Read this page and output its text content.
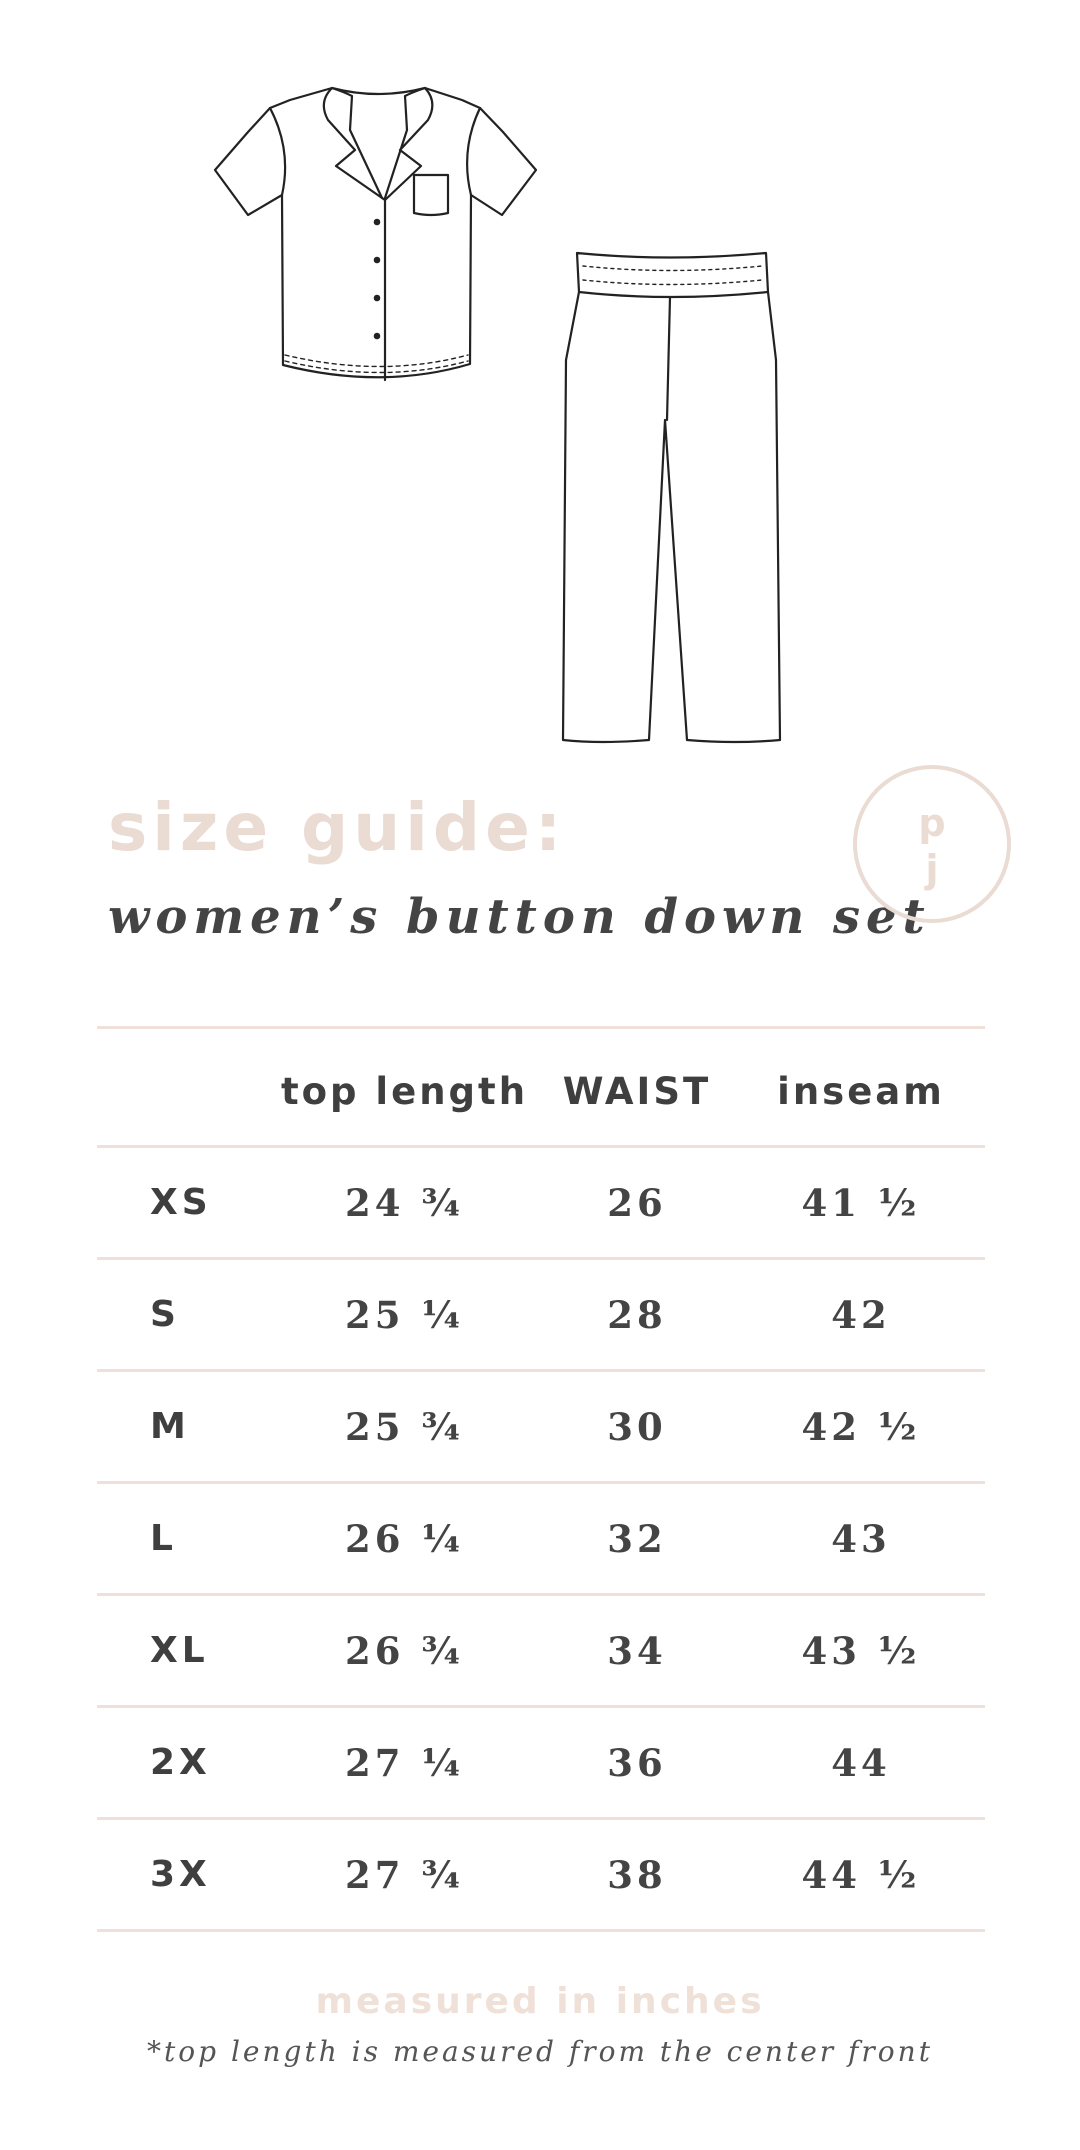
size guide:
women’s button down set
p
j
	top length	WAIST	inseam
XS	24 ¾	26	41 ½
S	25 ¼	28	42
M	25 ¾	30	42 ½
L	26 ¼	32	43
XL	26 ¾	34	43 ½
2X	27 ¼	36	44
3X	27 ¾	38	44 ½

measured in inches

*top length is measured from the center front
